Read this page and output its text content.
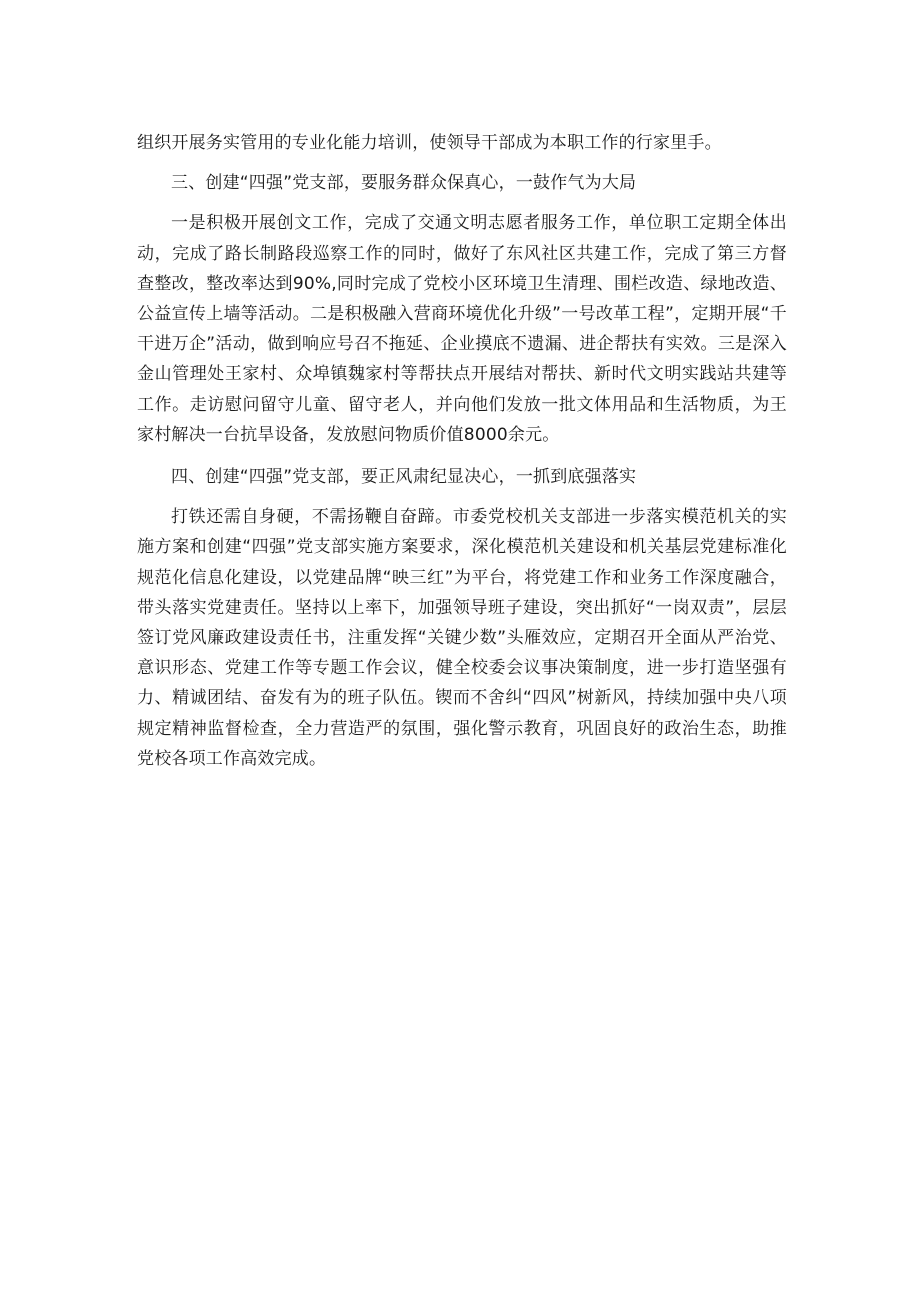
组织开展务实管用的专业化能力培训，使领导干部成为本职工作的行家里手。

三、创建“四强”党支部，要服务群众保真心，一鼓作气为大局

一是积极开展创文工作，完成了交通文明志愿者服务工作，单位职工定期全体出动，完成了路长制路段巡察工作的同时，做好了东风社区共建工作，完成了第三方督查整改，整改率达到90%,同时完成了党校小区环境卫生清理、围栏改造、绿地改造、公益宣传上墙等活动。二是积极融入营商环境优化升级”一号改革工程”，定期开展“千干进万企”活动，做到响应号召不拖延、企业摸底不遗漏、进企帮扶有实效。三是深入金山管理处王家村、众埠镇魏家村等帮扶点开展结对帮扶、新时代文明实践站共建等工作。走访慰问留守儿童、留守老人，并向他们发放一批文体用品和生活物质，为王家村解决一台抗旱设备，发放慰问物质价值8000余元。

四、创建“四强”党支部，要正风肃纪显决心，一抓到底强落实

打铁还需自身硬，不需扬鞭自奋蹄。市委党校机关支部进一步落实模范机关的实施方案和创建“四强”党支部实施方案要求，深化模范机关建设和机关基层党建标准化规范化信息化建设，以党建品牌“映三红”为平台，将党建工作和业务工作深度融合，带头落实党建责任。坚持以上率下，加强领导班子建设，突出抓好“一岗双责”，层层签订党风廉政建设责任书，注重发挥“关键少数”头雁效应，定期召开全面从严治党、意识形态、党建工作等专题工作会议，健全校委会议事决策制度，进一步打造坚强有力、精诚团结、奋发有为的班子队伍。锲而不舍纠“四风”树新风，持续加强中央八项规定精神监督检查，全力营造严的氛围，强化警示教育，巩固良好的政治生态，助推党校各项工作高效完成。
